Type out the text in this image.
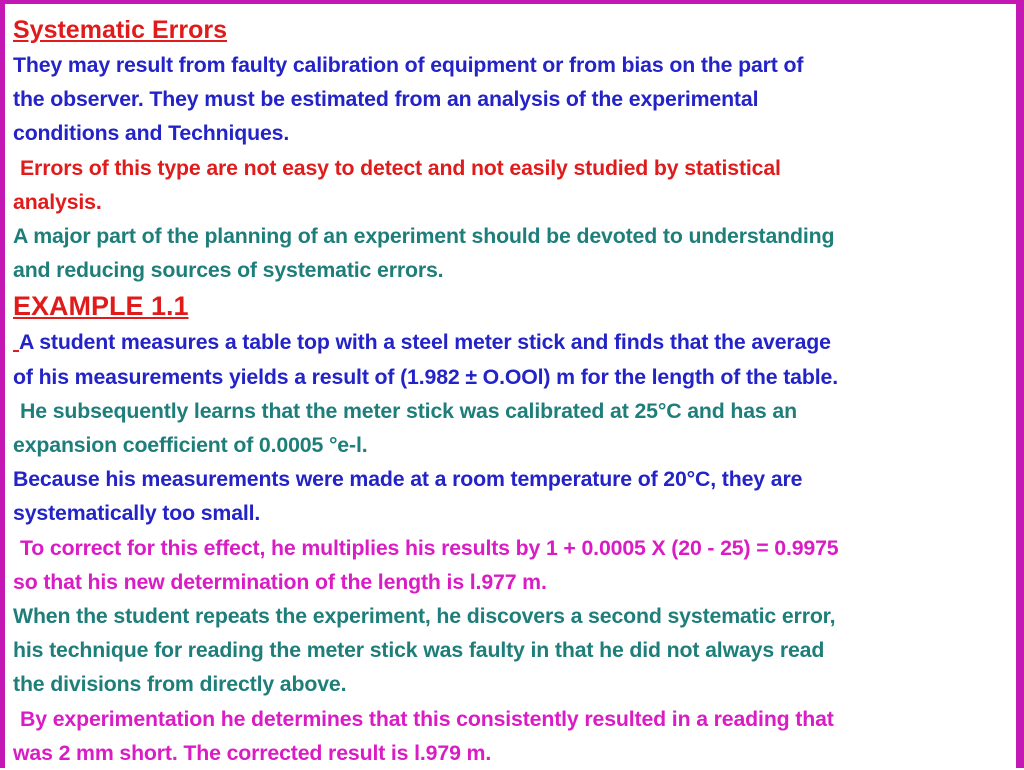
Systematic Errors

They may result from faulty calibration of equipment or from bias on the part of

the observer. They must be estimated from an analysis of the experimental

conditions and Techniques.

Errors of this type are not easy to detect and not easily studied by statistical

analysis.

A major part of the planning of an experiment should be devoted to understanding

and reducing sources of systematic errors.

EXAMPLE 1.1

A student measures a table top with a steel meter stick and finds that the average

of his measurements yields a result of (1.982 ± O.OOl) m for the length of the table.

He subsequently learns that the meter stick was calibrated at 25°C and has an

expansion coefficient of 0.0005 °e-l.

Because his measurements were made at a room temperature of 20°C, they are

systematically too small.

To correct for this effect, he multiplies his results by 1 + 0.0005 X (20 - 25) = 0.9975

so that his new determination of the length is l.977 m.

When the student repeats the experiment, he discovers a second systematic error,

his technique for reading the meter stick was faulty in that he did not always read

the divisions from directly above.

By experimentation he determines that this consistently resulted in a reading that

was 2 mm short. The corrected result is l.979 m.
